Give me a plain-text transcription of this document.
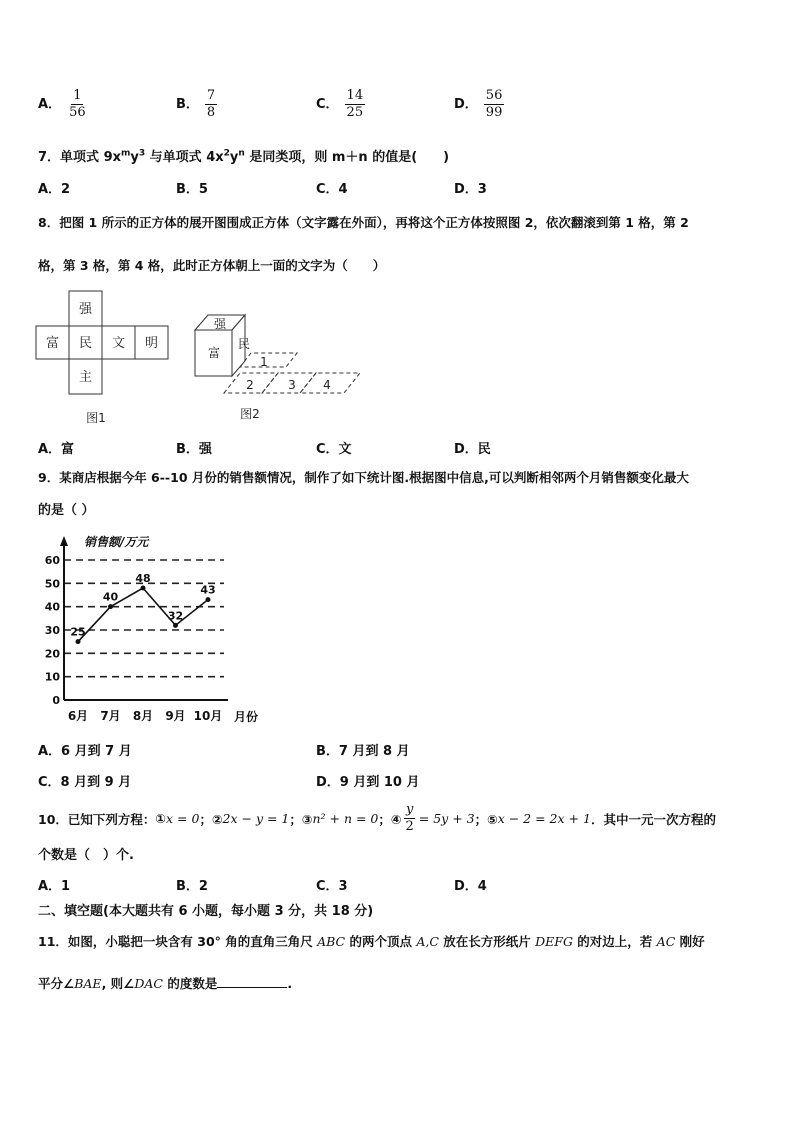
A． $\frac{1}{56}$	B． $\frac{7}{8}$	C． $\frac{14}{25}$	D． $\frac{56}{99}$
7．单项式 $9x^my^3$ 与单项式 $4x^2y^n$ 是同类项，则 m＋n 的值是(　　)
A．2	B．5	C．4	D．3
8．把图 1 所示的正方体的展开图围成正方体（文字露在外面），再将这个正方体按照图 2，依次翻滚到第 1 格，第 2
格，第 3 格，第 4 格，此时正方体朝上一面的文字为（　　）
强
富 民 文 明
主
图1
强
富
民
1
2	3 4
图2
A．富	B．强	C．文	D．民
9．某商店根据今年 6--10 月份的销售额情况，制作了如下统计图.根据图中信息,可以判断相邻两个月销售额变化最大
的是（ ）
0
10
20
30
40
50
60
6月 7月 8月 9月 10月
25
40
48
32
43
销售额/万元
月份
A．6 月到 7 月	B．7 月到 8 月
C．8 月到 9 月	D．9 月到 10 月
10．已知下列方程： ① x = 0 ；② 2x − y = 1 ；③ n² + n = 0 ；④ $\frac{y}{2} = 5y + 3$ ；⑤ x − 2 = 2x + 1 ．其中一元一次方程的
个数是（　）个.
A．1	B．2	C．3	D．4
二、填空题(本大题共有 6 小题，每小题 3 分，共 18 分)
11．如图，小聪把一块含有 30° 角的直角三角尺 ABC 的两个顶点 A,C 放在长方形纸片 DEFG 的对边上，若 AC 刚好
平分∠BAE, 则∠DAC 的度数是	.
